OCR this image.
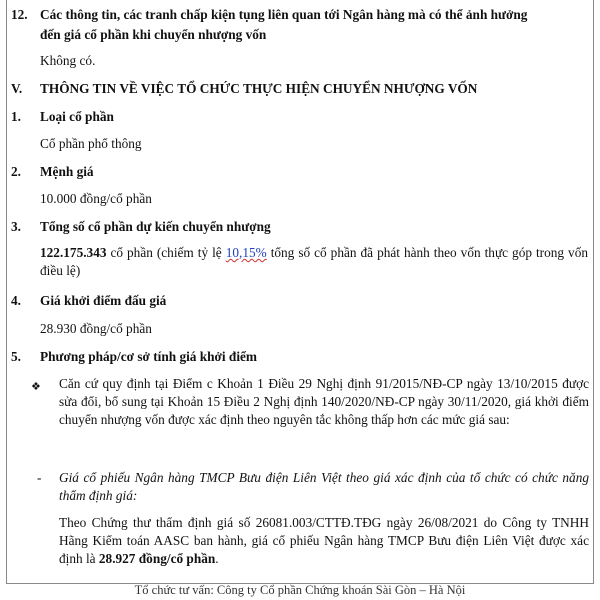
12. Các thông tin, các tranh chấp kiện tụng liên quan tới Ngân hàng mà có thể ảnh hưởng
đến giá cổ phần khi chuyển nhượng vốn
Không có.
V. THÔNG TIN VỀ VIỆC TỔ CHỨC THỰC HIỆN CHUYỂN NHƯỢNG VỐN
1. Loại cổ phần
Cổ phần phổ thông
2. Mệnh giá
10.000 đồng/cổ phần
3. Tổng số cổ phần dự kiến chuyển nhượng
122.175.343 cổ phần (chiếm tỷ lệ 10,15% tổng số cổ phần đã phát hành theo vốn thực góp trong vốn điều lệ)
4. Giá khởi điểm đấu giá
28.930 đồng/cổ phần
5. Phương pháp/cơ sở tính giá khởi điểm
❖ Căn cứ quy định tại Điểm c Khoản 1 Điều 29 Nghị định 91/2015/NĐ-CP ngày 13/10/2015 được sửa đổi, bổ sung tại Khoản 15 Điều 2 Nghị định 140/2020/NĐ-CP ngày 30/11/2020, giá khởi điểm chuyển nhượng vốn được xác định theo nguyên tắc không thấp hơn các mức giá sau:
- Giá cổ phiếu Ngân hàng TMCP Bưu điện Liên Việt theo giá xác định của tổ chức có chức năng thẩm định giá:
Theo Chứng thư thẩm định giá số 26081.003/CTTĐ.TĐG ngày 26/08/2021 do Công ty TNHH Hãng Kiểm toán AASC ban hành, giá cổ phiếu Ngân hàng TMCP Bưu điện Liên Việt được xác định là 28.927 đồng/cổ phần.
Tổ chức tư vấn: Công ty Cổ phần Chứng khoán Sài Gòn – Hà Nội
